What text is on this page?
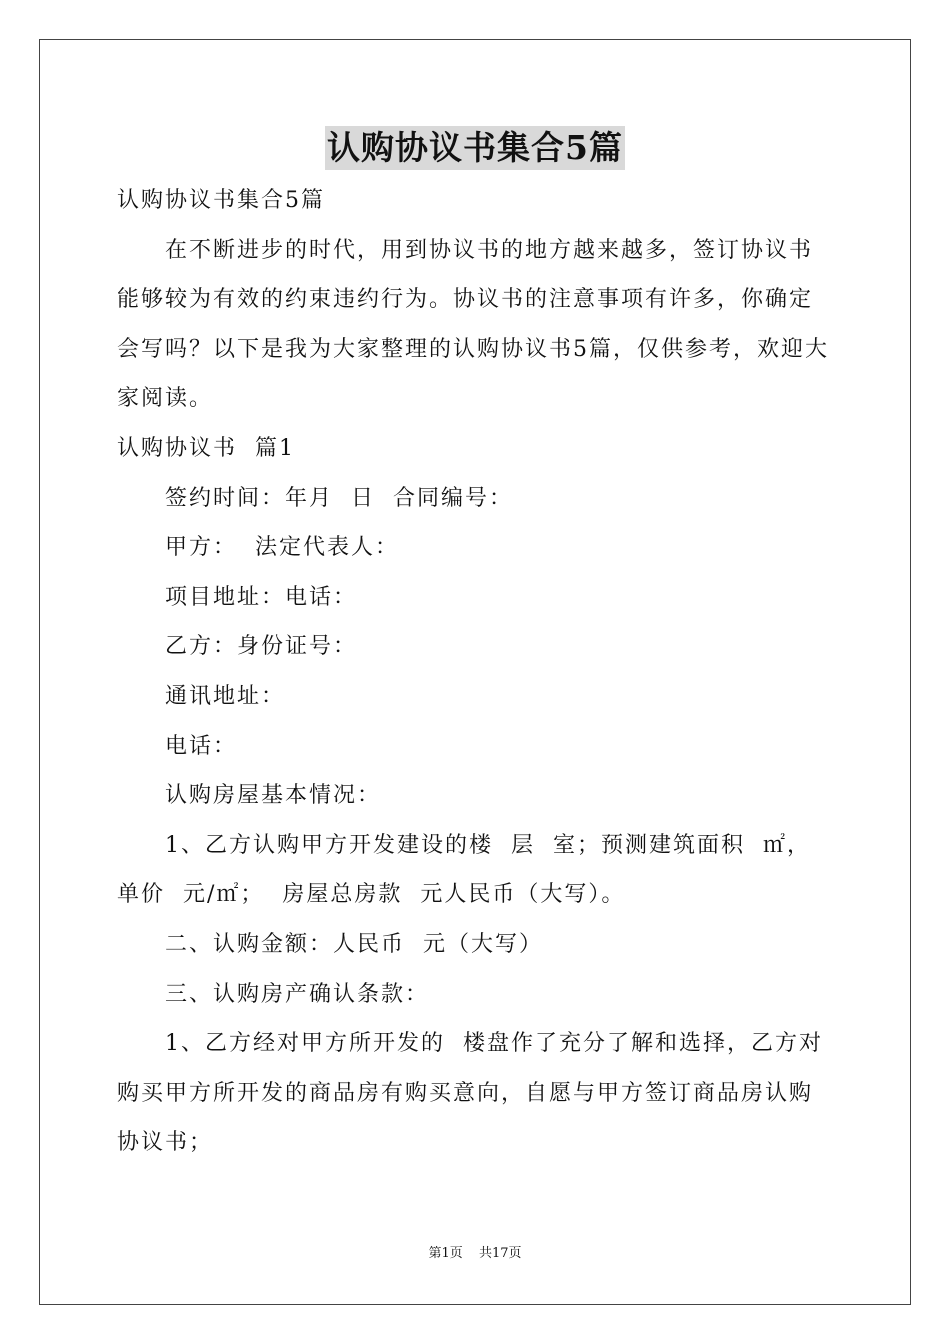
认购协议书集合5篇

认购协议书集合5篇

在不断进步的时代，用到协议书的地方越来越多，签订协议书能够较为有效的约束违约行为。协议书的注意事项有许多，你确定会写吗？以下是我为大家整理的认购协议书5篇，仅供参考，欢迎大家阅读。

认购协议书  篇1

签约时间：年月  日  合同编号：

甲方：  法定代表人：

项目地址：电话：

乙方：身份证号：

通讯地址：

电话：

认购房屋基本情况：

1、乙方认购甲方开发建设的楼  层  室；预测建筑面积  ㎡，单价  元/㎡；  房屋总房款  元人民币（大写）。

二、认购金额：人民币  元（大写）

三、认购房产确认条款：

1、乙方经对甲方所开发的  楼盘作了充分了解和选择，乙方对购买甲方所开发的商品房有购买意向，自愿与甲方签订商品房认购协议书；

第1页 共17页
